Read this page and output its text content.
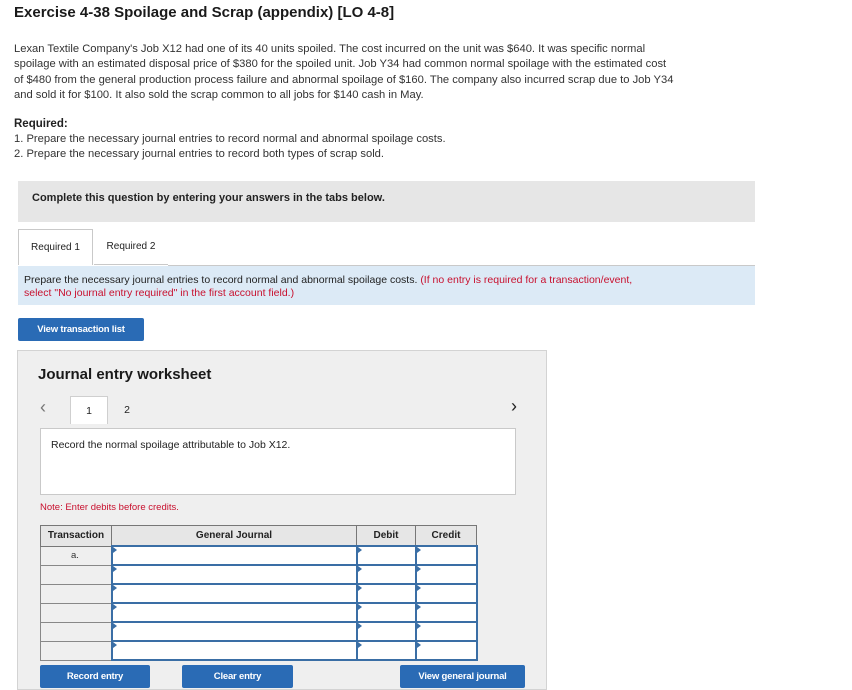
Exercise 4-38 Spoilage and Scrap (appendix) [LO 4-8]
Lexan Textile Company's Job X12 had one of its 40 units spoiled. The cost incurred on the unit was $640. It was specific normal
spoilage with an estimated disposal price of $380 for the spoiled unit. Job Y34 had common normal spoilage with the estimated cost
of $480 from the general production process failure and abnormal spoilage of $160. The company also incurred scrap due to Job Y34
and sold it for $100. It also sold the scrap common to all jobs for $140 cash in May.
Required:
1. Prepare the necessary journal entries to record normal and abnormal spoilage costs.
2. Prepare the necessary journal entries to record both types of scrap sold.
Complete this question by entering your answers in the tabs below.
Required 1	Required 2
Prepare the necessary journal entries to record normal and abnormal spoilage costs. (If no entry is required for a transaction/event,
select "No journal entry required" in the first account field.)
View transaction list
Journal entry worksheet
‹	1	2	›
Record the normal spoilage attributable to Job X12.
Note: Enter debits before credits.
Transaction	General Journal	Debit	Credit
a.			

Record entry	Clear entry	View general journal
